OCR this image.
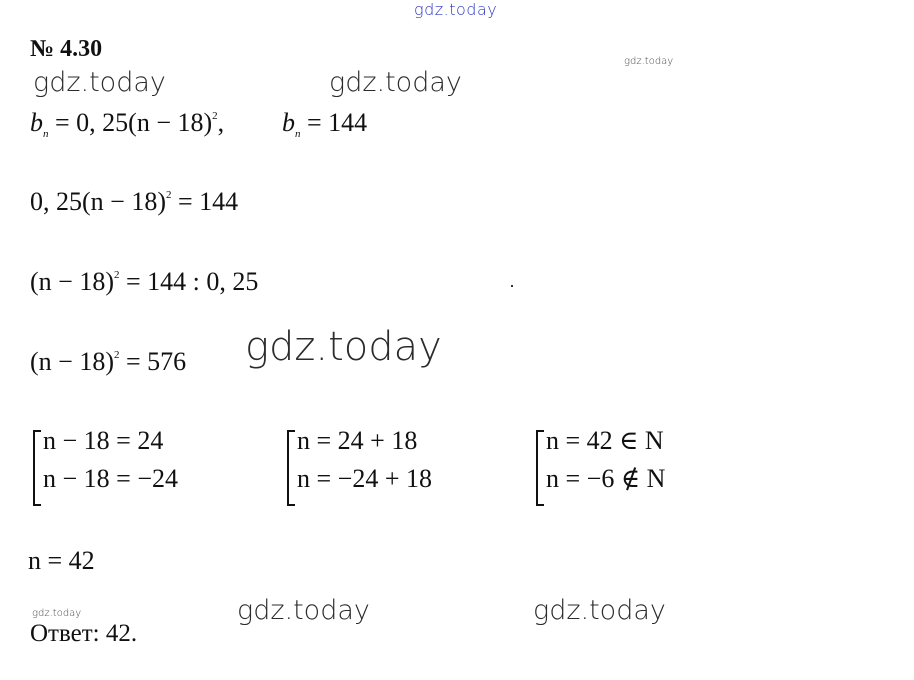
gdz.today
gdz.today
gdz.today	gdz.today
gdz.today
gdz.today	gdz.today	gdz.today
№ 4.30
$b_n = 0$, $25(n - 18)^2$, $b_n = 144$
0, $25(n - 18)^2 = 144$
$(n - 18)^2 = 144$ : 0, 25
$(n - 18)^2 = 576$
n − 18 = 24
n − 18 = −24
n = 24 + 18
n = −24 + 18
n = 42 ∈ N
n = −6 ∉ N
n = 42
Ответ: 42.
